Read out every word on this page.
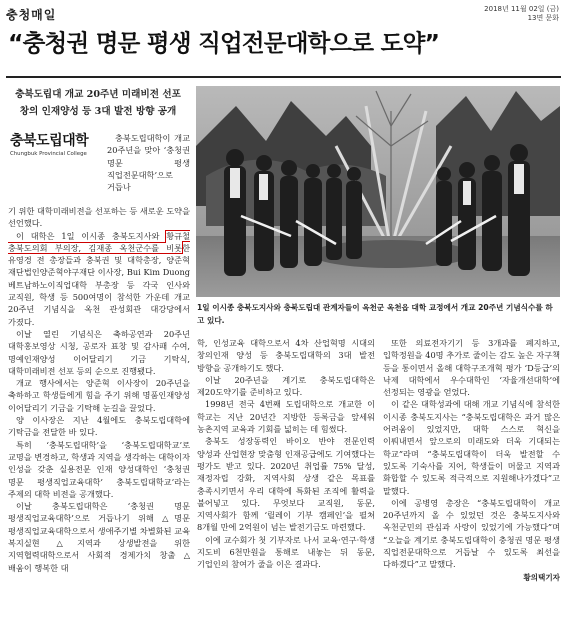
충청매일	2018년 11월 02일 (금)
13면 문화
“충청권 명문 평생 직업전문대학으로 도약”
충북도립대 개교 20주년 미래비전 선포
창의 인재양성 등 3대 발전 방향 공개
충북도립대학
Chungbuk Provincial College

충북도립대학이 개교 20주년을 맞아 ‘충청권 명문 평생 직업전문대학’으로 거듭나

기 위한 대학미래비전을 선포하는 등 새로운 도약을 선언했다.

이 대학은 1일 이시종 충북도지사와 황규철 충북도의회 부의장, 김재종 옥천군수를 비롯한 유영경 전 총장들과 충북권 및 대학총장, 양준혁 재단법인양준혁야구재단 이사장, Bui Kim Duong 베트남하노이직업대학 부총장 등 각국 인사와 교직원, 학생 등 500여명이 참석한 가운데 개교 20주년 기념식을 옥천 관성회관 대강당에서 가졌다.

이날 열린 기념식은 축하공연과 20주년 대학홍보영상 시청, 공로자 표창 및 감사패 수여, 명예인재양성 이어달리기 기금 기탁식, 대학미래비전 선포 등의 순으로 진행됐다.

개교 행사에서는 양준혁 이사장이 20주년을 축하하고 학생들에게 힘을 주기 위해 명품인재양성 이어달리기 기금을 기탁해 눈길을 끌었다.

양 이사장은 지난 4월에도 충북도립대학에 기탁금을 전달한 바 있다.

특히 ‘충북도립대학’을 ‘충북도립대학교’로 교명을 변경하고, 학생과 지역을 생각하는 대학이자 인성을 갖춘 실용전문 인재 양성대학인 ‘충청권 명문 평생직업교육대학’ 충북도립대학교’라는 주제의 대학 비전을 공개했다.

이날 충북도립대학은 ‘충청권 명문 평생직업교육대학’으로 거듭나기 위해 △명문 평생직업교육대학으로서 생애주기별 차별화된 교육 복지실현 △지역과 상생발전을 위한 지역협력대학으로서 사회적 경제가치 창출 △배움이 행복한 대

1일 이시종 충북도지사와 충북도립대 관계자들이 옥천군 옥천읍 대학 교정에서 개교 20주년 기념식수를 하고 있다.

학, 인성교육 대학으로서 4차 산업혁명 시대의 창의인재 양성 등 충북도립대학의 3대 발전 방향을 공개하기도 했다.

이날 20주년을 계기로 충북도립대학은 제20도약기를 준비하고 있다.

1998년 전국 4번째 도립대학으로 개교한 이 학교는 지난 20년간 지방한 등록금을 앞세워 농촌지역 교육과 기회를 넓히는 데 힘썼다.

충북도 성장동력인 바이오 반야 전문인력 양성과 산업현장 맞춤형 인재공급에도 기여했다는 평가도 받고 있다. 2020년 취업률 75% 달성, 재정자립 강화, 지역사회 상생 같은 목표를 충족시키면서 우리 대학에 특화된 조직에 활력을 불어넣고 있다. 무엇보다 교직원, 동문, 지역사회가 함께 ‘릴레이 기부 캠페인’을 펼쳐 8개월 만에 2억원이 넘는 발전기금도 마련했다.

이에 교수회가 첫 기부자로 나서 교육·연구·학생 지도비 6천만원을 통해로 내놓는 뒤 동문, 기업인의 참여가 줄을 이은 결과다.

또한 의료전자기기 등 3개과를 폐지하고, 입학정원을 40명 추가로 줄이는 감도 높은 자구책 등을 통이면서 올해 대학구조개혁 평가 ‘D등급’의 낙제 대학에서 우수대학인 ‘자율개선대학’에 선정되는 영광을 얻었다.

이 같은 대학성과에 대해 개교 기념식에 참석한 이시종 충북도지사는 “충북도립대학은 과거 많은 어려움이 있었지만, 대학 스스로 혁신을 이뤄내면서 앞으로의 미래도와 더욱 기대되는 학교”라며 “충북도립대학이 더욱 발전할 수 있도록 기숙사를 지어, 학생들이 머물고 지역과 화합할 수 있도록 적극적으로 지원해나가겠다”고 말했다.

이에 공병영 총장은 “충북도립대학이 개교 20주년까지 올 수 있었던 것은 충북도지사와 옥천군민의 관심과 사랑이 있었기에 가능했다”며 “오늘을 계기로 충북도립대학이 충청권 명문 평생 직업전문대학으로 거듭날 수 있도록 최선을 다하겠다”고 말했다.

황의택기자
